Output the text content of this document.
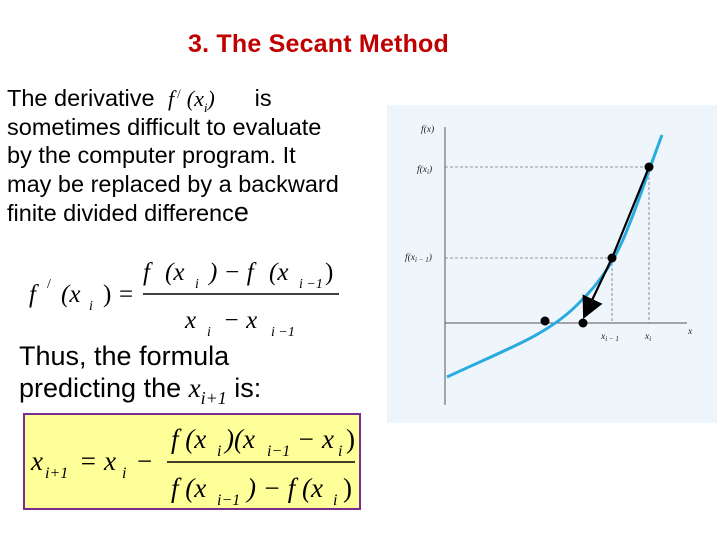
3. The Secant Method
The derivative	is
sometimes difficult to evaluate
by the computer program. It
may be replaced by a backward
finite divided difference
f / $(x_i)$
f / (x i ) =
f (x i ) − f (x i −1 )
x i − x i −1
Thus, the formula
predicting the $x_{i+1}$ is:
x i+1 = x i −
f (x i )(x i−1 − x i )
f (x i−1 ) − f (x i )
f(x)
x
$f(x_i)$
$f(x_{i - 1})$
$x_{i - 1}$	$x_i$
